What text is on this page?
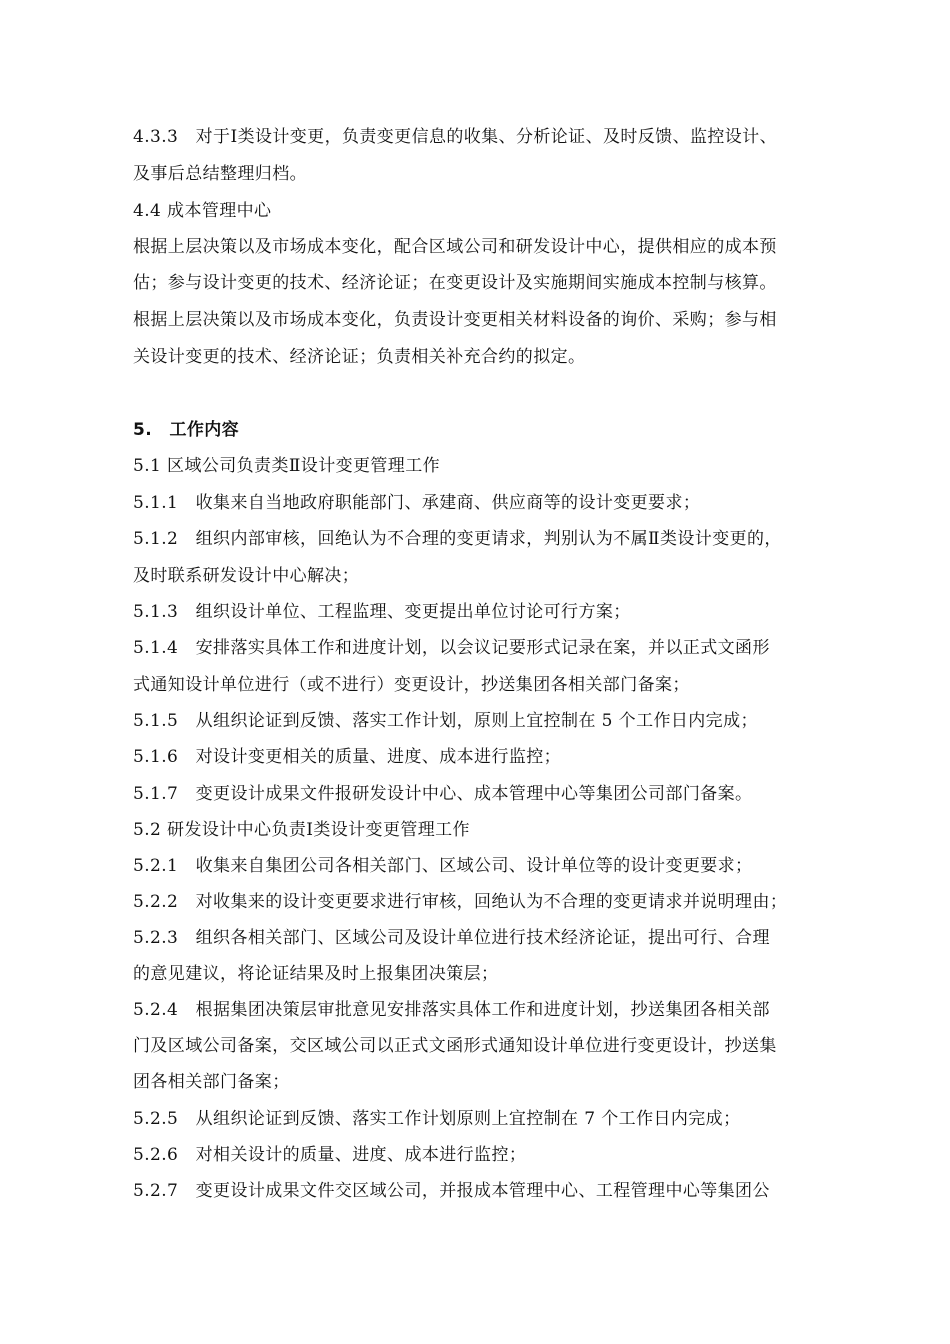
4.3.3　对于Ⅰ类设计变更，负责变更信息的收集、分析论证、及时反馈、监控设计、
及事后总结整理归档。
4.4 成本管理中心
根据上层决策以及市场成本变化，配合区域公司和研发设计中心，提供相应的成本预
估；参与设计变更的技术、经济论证；在变更设计及实施期间实施成本控制与核算。
根据上层决策以及市场成本变化，负责设计变更相关材料设备的询价、采购；参与相
关设计变更的技术、经济论证；负责相关补充合约的拟定。
5.　工作内容
5.1 区域公司负责类Ⅱ设计变更管理工作
5.1.1　收集来自当地政府职能部门、承建商、供应商等的设计变更要求；
5.1.2　组织内部审核，回绝认为不合理的变更请求，判别认为不属Ⅱ类设计变更的，
及时联系研发设计中心解决；
5.1.3　组织设计单位、工程监理、变更提出单位讨论可行方案；
5.1.4　安排落实具体工作和进度计划，以会议记要形式记录在案，并以正式文函形
式通知设计单位进行（或不进行）变更设计，抄送集团各相关部门备案；
5.1.5　从组织论证到反馈、落实工作计划，原则上宜控制在 5 个工作日内完成；
5.1.6　对设计变更相关的质量、进度、成本进行监控；
5.1.7　变更设计成果文件报研发设计中心、成本管理中心等集团公司部门备案。
5.2 研发设计中心负责Ⅰ类设计变更管理工作
5.2.1　收集来自集团公司各相关部门、区域公司、设计单位等的设计变更要求；
5.2.2　对收集来的设计变更要求进行审核，回绝认为不合理的变更请求并说明理由；
5.2.3　组织各相关部门、区域公司及设计单位进行技术经济论证，提出可行、合理
的意见建议，将论证结果及时上报集团决策层；
5.2.4　根据集团决策层审批意见安排落实具体工作和进度计划，抄送集团各相关部
门及区域公司备案，交区域公司以正式文函形式通知设计单位进行变更设计，抄送集
团各相关部门备案；
5.2.5　从组织论证到反馈、落实工作计划原则上宜控制在 7 个工作日内完成；
5.2.6　对相关设计的质量、进度、成本进行监控；
5.2.7　变更设计成果文件交区域公司，并报成本管理中心、工程管理中心等集团公
